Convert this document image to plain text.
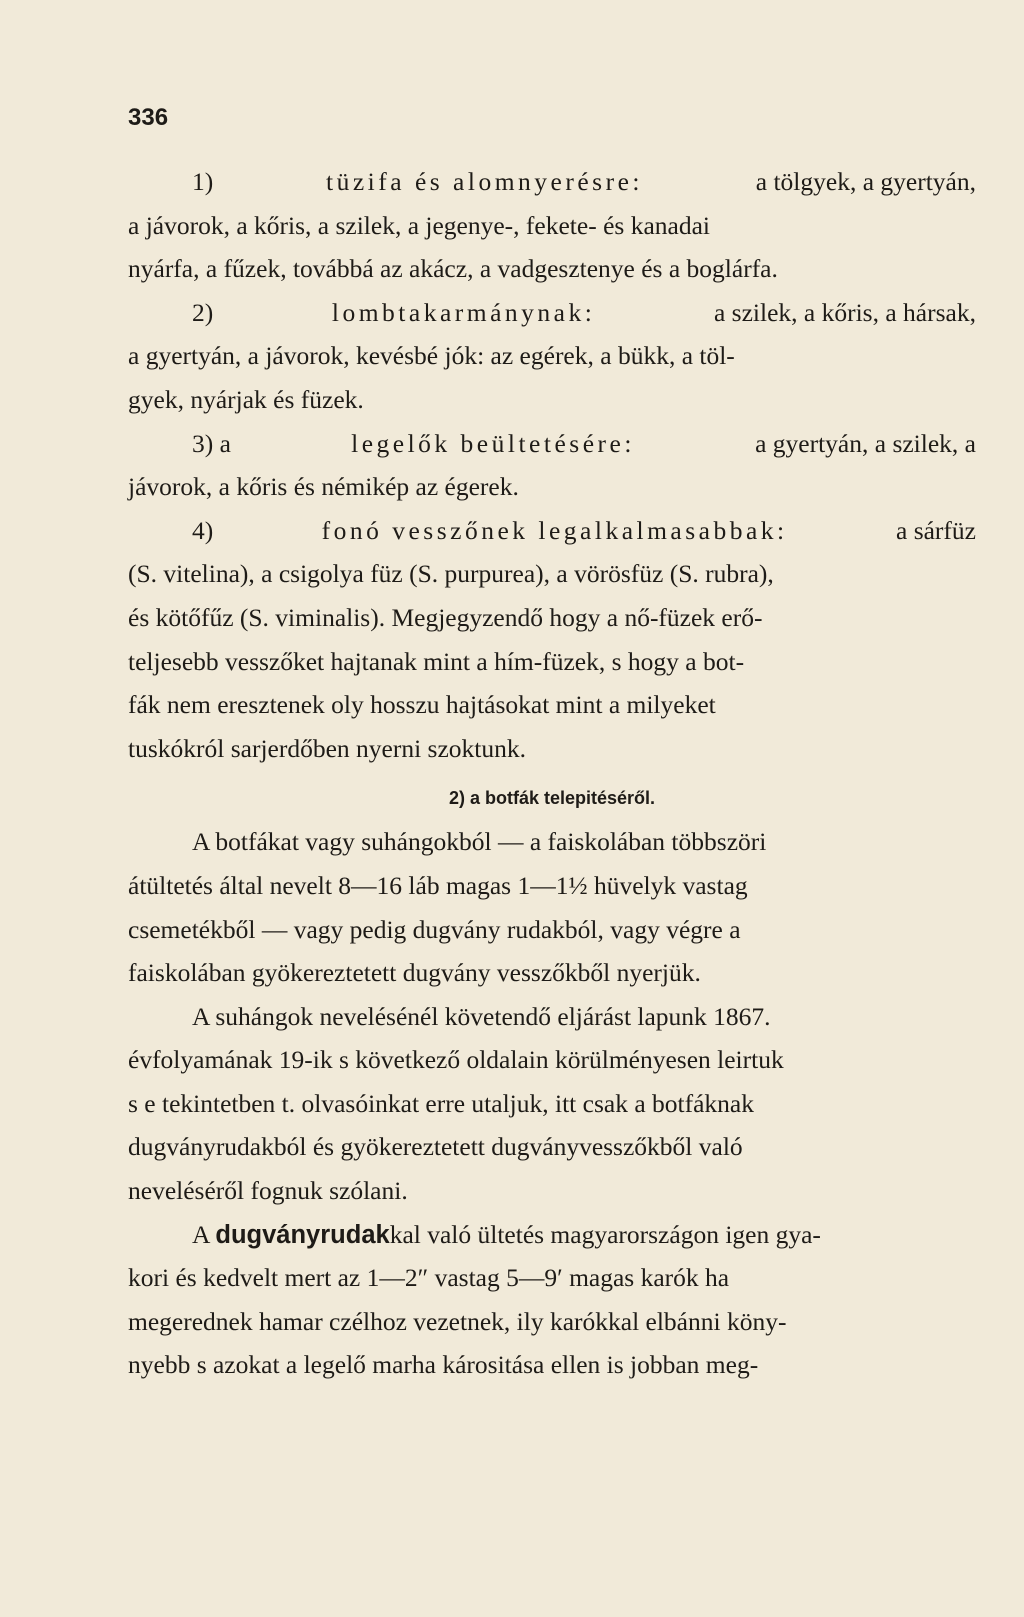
336
1)	tüzifa és alomnyerésre:	a tölgyek, a gyertyán,
a jávorok, a kőris, a szilek, a jegenye-, fekete- és kanadai
nyárfa, a fűzek, továbbá az akácz, a vadgesztenye és a boglárfa.
2)	lombtakarmánynak:	a szilek, a kőris, a hársak,
a gyertyán, a jávorok, kevésbé jók: az egérek, a bükk, a töl-
gyek, nyárjak és füzek.
3) a	legelők beültetésére:	a gyertyán, a szilek, a
jávorok, a kőris és némikép az égerek.
4)	fonó vesszőnek legalkalmasabbak:	a sárfüz
(S. vitelina), a csigolya füz (S. purpurea), a vörösfüz (S. rubra),
és kötőfűz (S. viminalis). Megjegyzendő hogy a nő-füzek erő-
teljesebb vesszőket hajtanak mint a hím-füzek, s hogy a bot-
fák nem eresztenek oly hosszu hajtásokat mint a milyeket
tuskókról sarjerdőben nyerni szoktunk.
2) a botfák telepitéséről.
A botfákat vagy suhángokból — a faiskolában többszöri
átültetés által nevelt 8—16 láb magas 1—1½ hüvelyk vastag
csemetékből — vagy pedig dugvány rudakból, vagy végre a
faiskolában gyökereztetett dugvány vesszőkből nyerjük.
A suhángok nevelésénél követendő eljárást lapunk 1867.
évfolyamának 19-ik s következő oldalain körülményesen leirtuk
s e tekintetben t. olvasóinkat erre utaljuk, itt csak a botfáknak
dugványrudakból és gyökereztetett dugványvesszőkből való
neveléséről fognuk szólani.
A dugványrudakkal való ültetés magyarországon igen gya-
kori és kedvelt mert az 1—2″ vastag 5—9′ magas karók ha
megerednek hamar czélhoz vezetnek, ily karókkal elbánni köny-
nyebb s azokat a legelő marha kárositása ellen is jobban meg-
